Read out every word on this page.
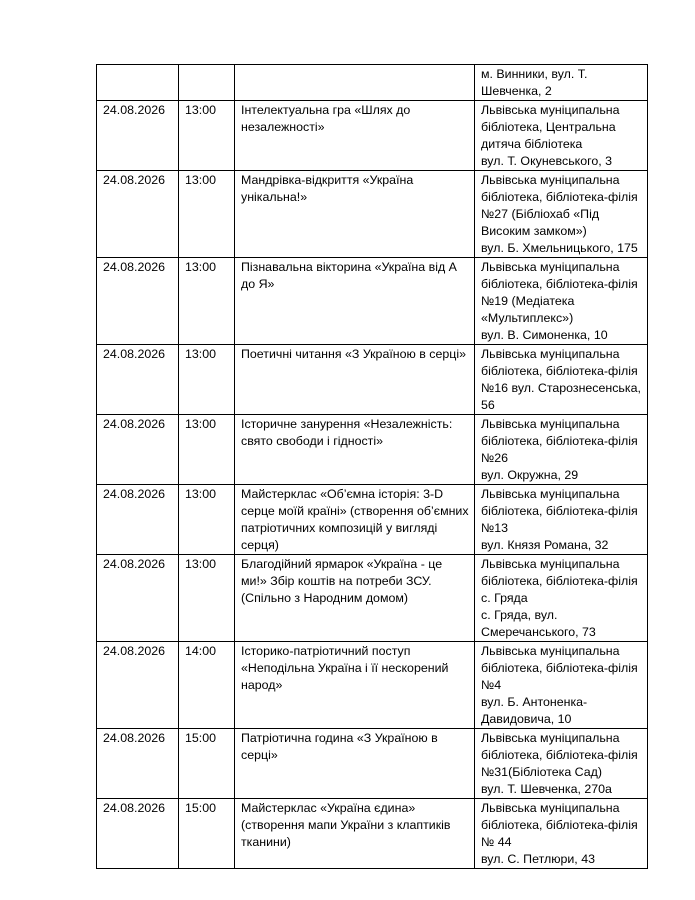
			м. Винники, вул. Т. Шевченка, 2

24.08.2026	13:00	Інтелектуальна гра «Шлях до незалежності»	Львівська муніципальна бібліотека, Центральна дитяча бібліотека
вул. Т. Окуневського, 3

24.08.2026	13:00	Мандрівка-відкриття «Україна унікальна!»	Львівська муніципальна бібліотека, бібліотека-філія №27 (Бібліохаб «Під Високим замком»)
вул. Б. Хмельницького, 175

24.08.2026	13:00	Пізнавальна вікторина «Україна від А до Я»	Львівська муніципальна бібліотека, бібліотека-філія №19 (Медіатека «Мультиплекс»)
вул. В. Симоненка, 10

24.08.2026	13:00	Поетичні читання «З Україною в серці»	Львівська муніципальна бібліотека, бібліотека-філія №16 вул. Старознесенська, 56

24.08.2026	13:00	Історичне занурення «Незалежність: свято свободи і гідності»	Львівська муніципальна бібліотека, бібліотека-філія №26
вул. Окружна, 29

24.08.2026	13:00	Майстерклас «Об’ємна історія: 3-D серце моїй країні» (створення об’ємних патріотичних композицій у вигляді серця)	Львівська муніципальна бібліотека, бібліотека-філія №13
вул. Князя Романа, 32

24.08.2026	13:00	Благодійний ярмарок «Україна - це ми!» Збір коштів на потреби ЗСУ. (Спільно з Народним домом)	Львівська муніципальна бібліотека, бібліотека-філія с. Гряда
с. Гряда, вул. Смеречанського, 73

24.08.2026	14:00	Історико-патріотичний поступ «Неподільна Україна і її нескорений народ»	Львівська муніципальна бібліотека, бібліотека-філія №4
вул. Б. Антоненка-Давидовича, 10

24.08.2026	15:00	Патріотична година «З Україною в серці»	Львівська муніципальна бібліотека, бібліотека-філія №31(Бібліотека Сад)
вул. Т. Шевченка, 270а

24.08.2026	15:00	Майстерклас «Україна єдина» (створення мапи України з клаптиків тканини)	Львівська муніципальна бібліотека, бібліотека-філія № 44
вул. С. Петлюри, 43
